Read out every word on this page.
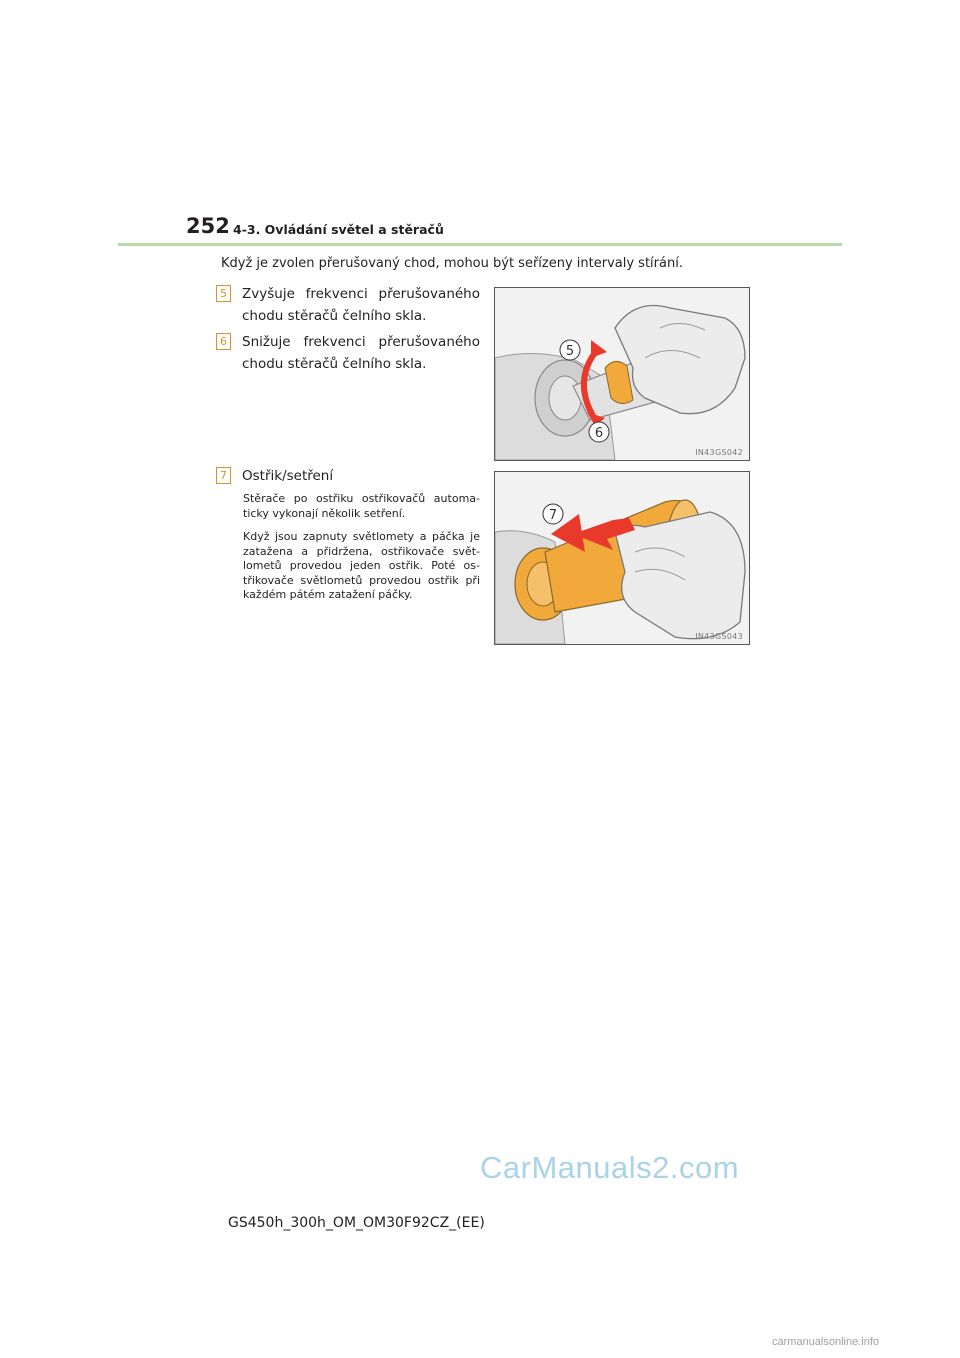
252 4-3. Ovládání světel a stěračů
Když je zvolen přerušovaný chod, mohou být seřízeny intervaly stírání.
5 Zvyšuje frekvenci přerušovaného chodu stěračů čelního skla.
6 Snižuje frekvenci přerušovaného chodu stěračů čelního skla.
5
6
IN43GS042
7 Ostřik/setření
Stěrače po ostřiku ostřikovačů automa-ticky vykonají několik setření.
Když jsou zapnuty světlomety a páčka je zatažena a přidržena, ostřikovače svět-lometů provedou jeden ostřik. Poté os-třikovače světlometů provedou ostřik při každém pátém zatažení páčky.
7
IN43GS043
GS450h_300h_OM_OM30F92CZ_(EE)
CarManuals2.com
carmanualsonline.info
